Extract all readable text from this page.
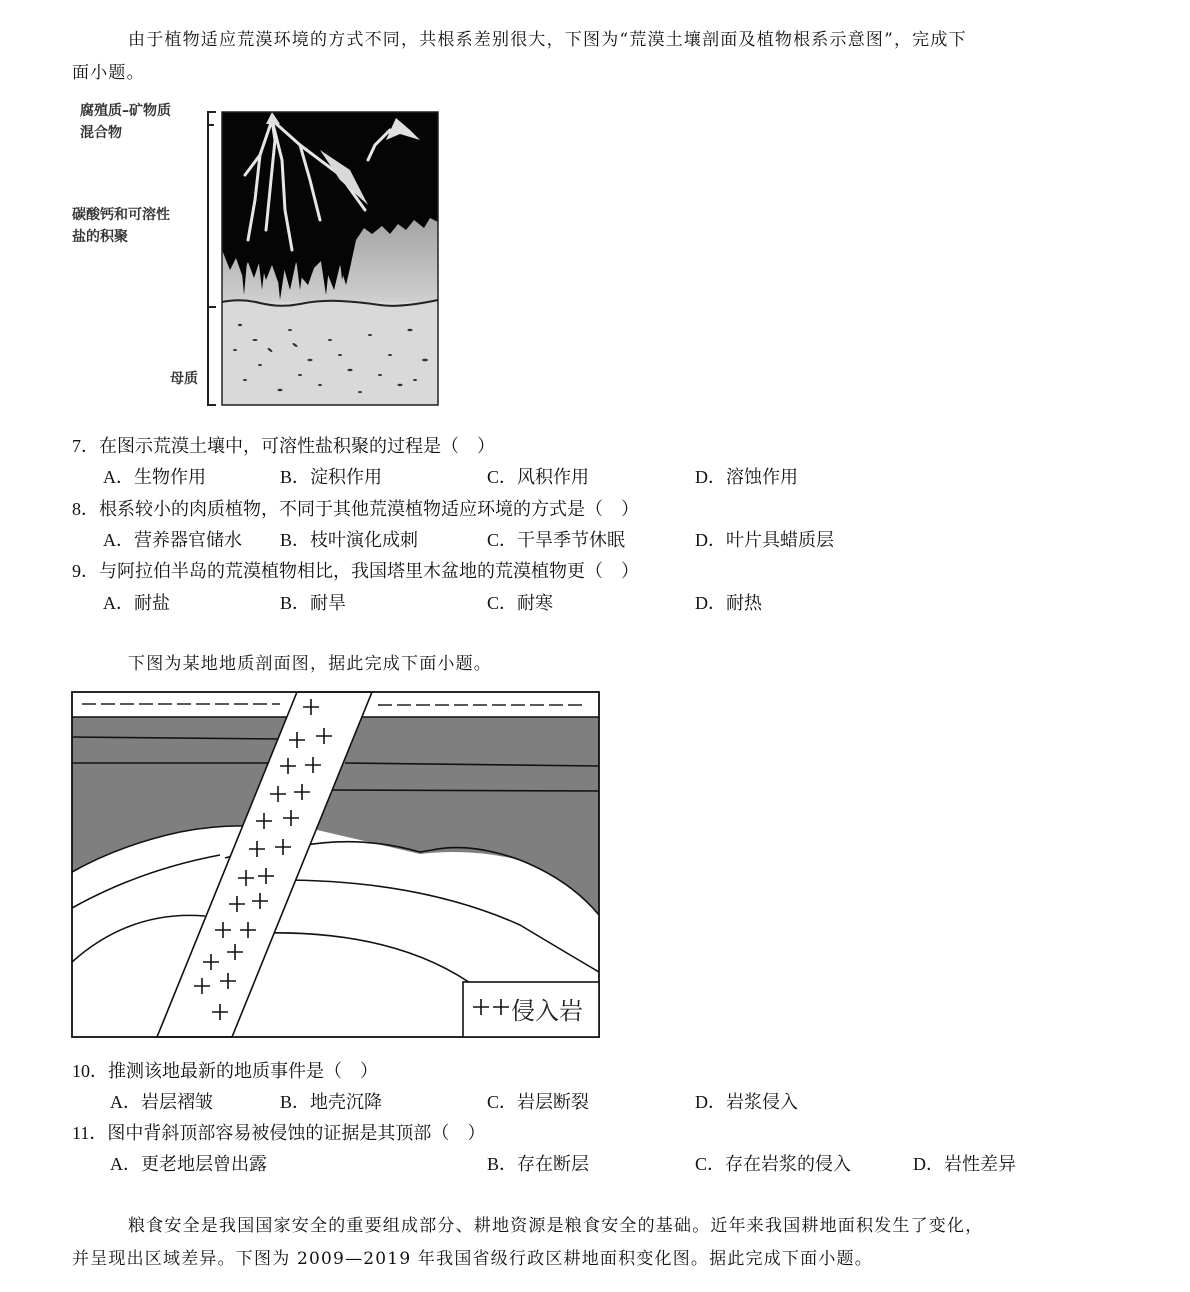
由于植物适应荒漠环境的方式不同，共根系差别很大，下图为“荒漠土壤剖面及植物根系示意图”，完成下
面小题。
腐殖质–矿物质
混合物
碳酸钙和可溶性
盐的积聚
母质
7．在图示荒漠土壤中，可溶性盐积聚的过程是（　）
A．生物作用	B．淀积作用	C．风积作用	D．溶蚀作用
8．根系较小的肉质植物，不同于其他荒漠植物适应环境的方式是（　）
A．营养器官储水 B．枝叶演化成刺	C．干旱季节休眠	D．叶片具蜡质层
9．与阿拉伯半岛的荒漠植物相比，我国塔里木盆地的荒漠植物更（　）
A．耐盐	B．耐旱	C．耐寒	D．耐热
下图为某地地质剖面图，据此完成下面小题。
侵入岩
10．推测该地最新的地质事件是（　）
A．岩层褶皱	B．地壳沉降	C．岩层断裂	D．岩浆侵入
11．图中背斜顶部容易被侵蚀的证据是其顶部（　）
A．更老地层曾出露	B．存在断层	C．存在岩浆的侵入	D．岩性差异
粮食安全是我国国家安全的重要组成部分、耕地资源是粮食安全的基础。近年来我国耕地面积发生了变化，
并呈现出区域差异。下图为 2009—2019 年我国省级行政区耕地面积变化图。据此完成下面小题。
